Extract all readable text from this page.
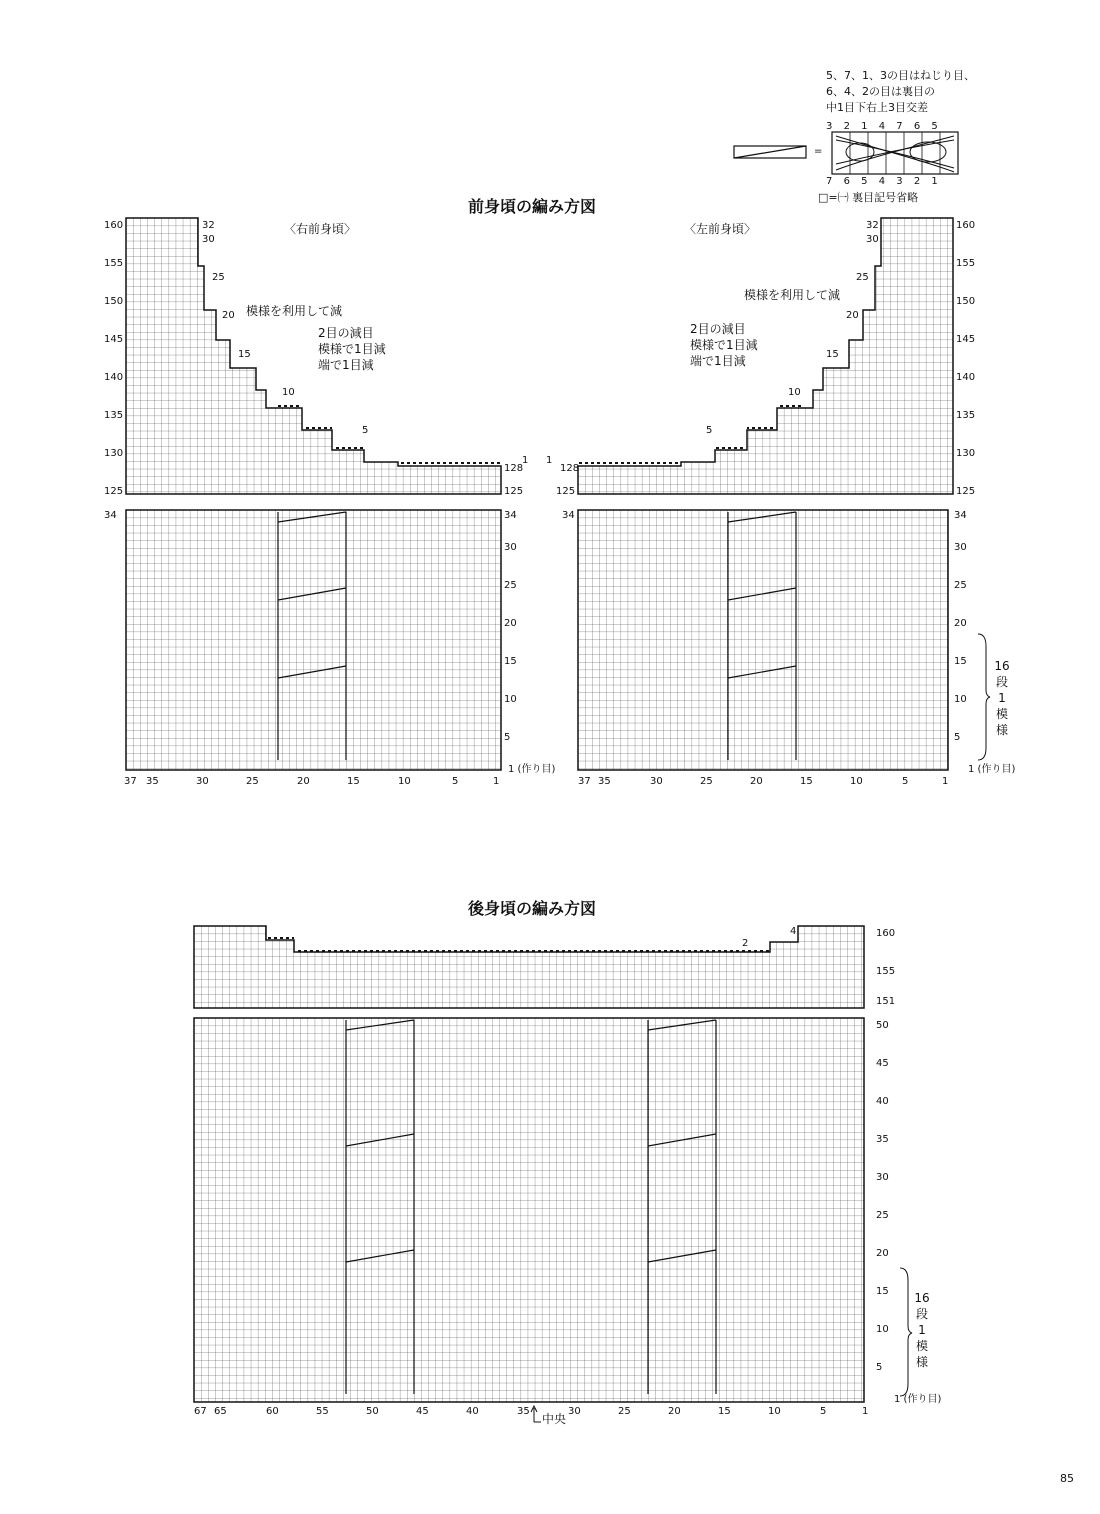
5、7、1、3の目はねじり目、
6、4、2の目は裏目の
中1目下右上3目交差
3 2 1 4 7 6 5
=
7 6 5 4 3 2 1
□=㈠ 裏目記号省略
前身頃の編み方図
〈右前身頃〉	〈左前身頃〉
160
155
150
145
140
135
130
125
34
32
30
25
20
15
10
5
1
128
125
34
30
25
20
15
10
5
1 (作り目)
模様を利用して減
2目の減目
模様で1目減
端で1目減
37 35	30	25	20	15	10	5	1
128
125
34
1
160
155
150
145
140
135
130
125
34
30
25
20
15
10
5
1 (作り目)
32
30
25
20
15
10
5
模様を利用して減
2目の減目
模様で1目減
端で1目減
37 35	30	25	20	15	10	5	1
16
段
1
模
様
後身頃の編み方図
160
155
151
50
45
40
35
30
25
20
15
10
5
1 (作り目)
2
4
67 65	60	55	50	45	40	35	30	25	20	15	10	5	1
中央
16
段
1
模
様
85
